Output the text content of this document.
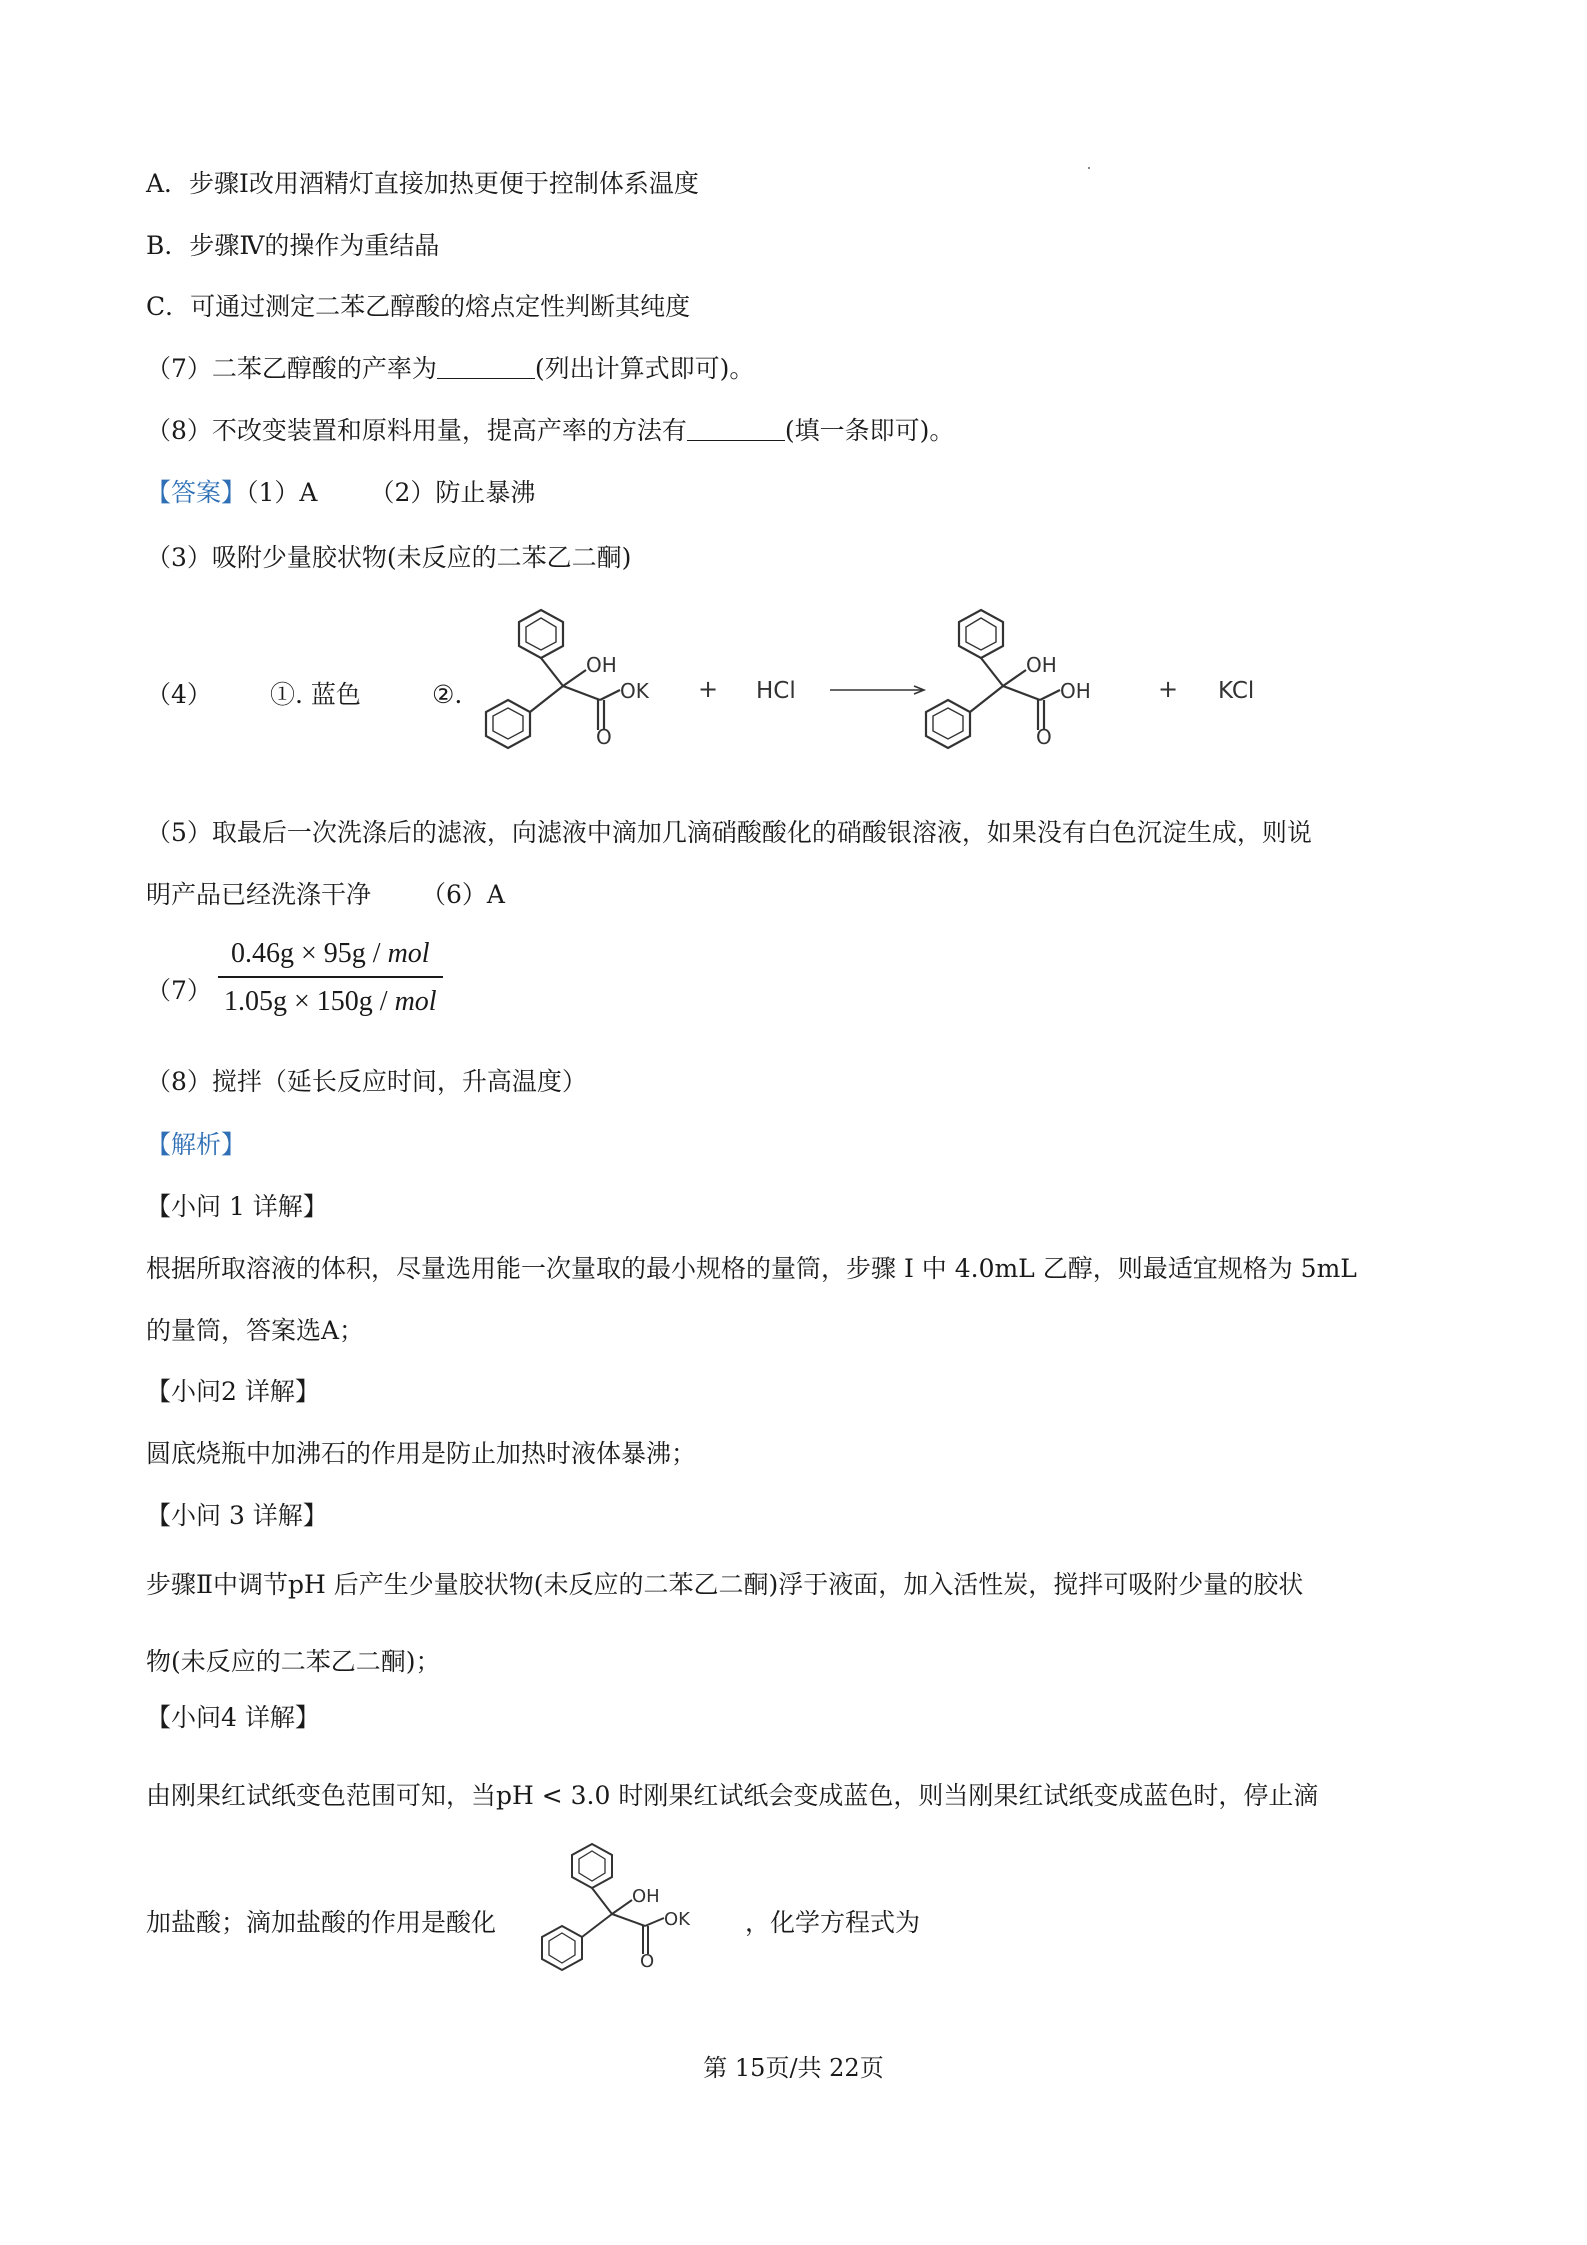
A．步骤Ⅰ改用酒精灯直接加热更便于控制体系温度
B．步骤Ⅳ的操作为重结晶
C．可通过测定二苯乙醇酸的熔点定性判断其纯度
（7）二苯乙醇酸的产率为	(列出计算式即可)。
（8）不改变装置和原料用量，提高产率的方法有	(填一条即可)。
【答案】（1）A （2）防止暴沸
（3）吸附少量胶状物(未反应的二苯乙二酮)
（4） ①. 蓝色	②.
OH
O
OK + HCl
OH
O
OH	+ KCl
（5）取最后一次洗涤后的滤液，向滤液中滴加几滴硝酸酸化的硝酸银溶液，如果没有白色沉淀生成，则说
明产品已经洗涤干净 （6）A
（7）
0.46g × 95g / mol
1.05g × 150g / mol
（8）搅拌（延长反应时间，升高温度）
【解析】
【小问 1 详解】
根据所取溶液的体积，尽量选用能一次量取的最小规格的量筒，步骤 Ⅰ 中 4.0mL 乙醇，则最适宜规格为 5mL
的量筒，答案选A；
【小问2 详解】
圆底烧瓶中加沸石的作用是防止加热时液体暴沸；
【小问 3 详解】
步骤Ⅱ中调节pH 后产生少量胶状物(未反应的二苯乙二酮)浮于液面，加入活性炭，搅拌可吸附少量的胶状
物(未反应的二苯乙二酮)；
【小问4 详解】
由刚果红试纸变色范围可知，当pH < 3.0 时刚果红试纸会变成蓝色，则当刚果红试纸变成蓝色时，停止滴
加盐酸；滴加盐酸的作用是酸化	，化学方程式为
OH
O
OK
第 15页/共 22页
